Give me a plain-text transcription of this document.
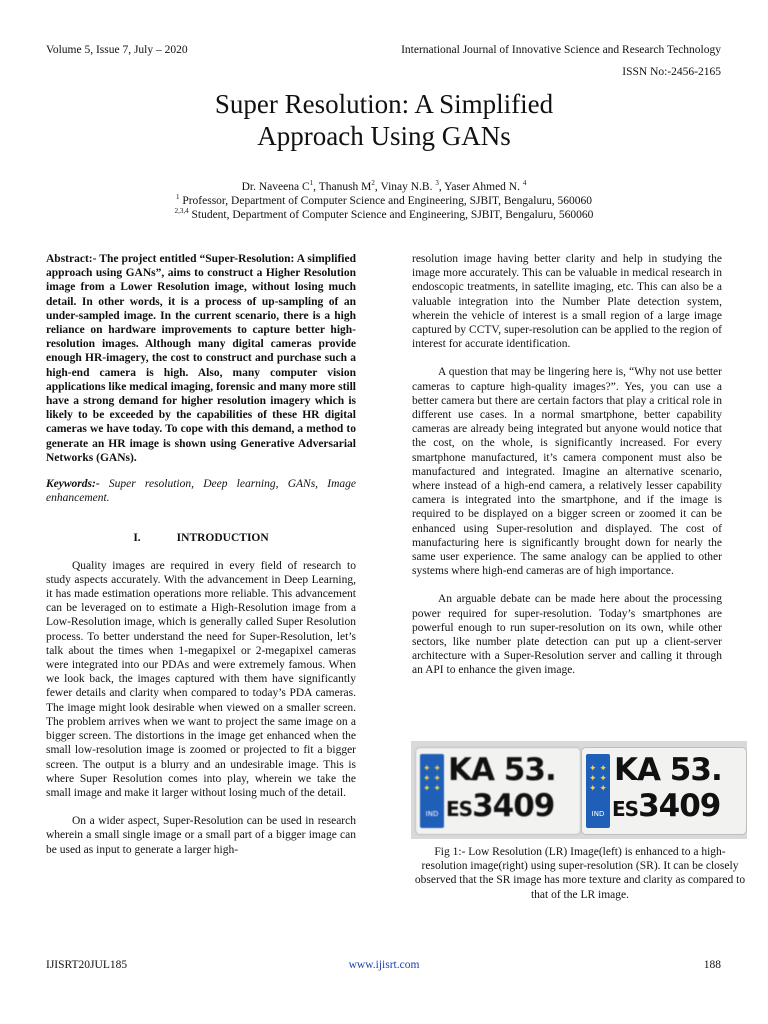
Volume 5, Issue 7, July – 2020	International Journal of Innovative Science and Research Technology
ISSN No:-2456-2165
Super Resolution: A Simplified
Approach Using GANs
Dr. Naveena $C^1$, Thanush $M^2$, Vinay N.B. $^3$, Yaser Ahmed N. $^4$
$^1$ Professor, Department of Computer Science and Engineering, SJBIT, Bengaluru, 560060
$^{2,3,4}$ Student, Department of Computer Science and Engineering, SJBIT, Bengaluru, 560060

Abstract:- The project entitled “Super-Resolution: A simplified approach using GANs”, aims to construct a Higher Resolution image from a Lower Resolution image, without losing much detail. In other words, it is a process of up-sampling of an under-sampled image. In the current scenario, there is a high reliance on hardware improvements to capture better high-resolution images. Although many digital cameras provide enough HR-imagery, the cost to construct and purchase such a high-end camera is high. Also, many computer vision applications like medical imaging, forensic and many more still have a strong demand for higher resolution imagery which is likely to be exceeded by the capabilities of these HR digital cameras we have today. To cope with this demand, a method to generate an HR image is shown using Generative Adversarial Networks (GANs).

Keywords:- Super resolution, Deep learning, GANs, Image enhancement.

I.	INTRODUCTION

Quality images are required in every field of research to study aspects accurately. With the advancement in Deep Learning, it has made estimation operations more reliable. This advancement can be leveraged on to estimate a High-Resolution image from a Low-Resolution image, which is generally called Super Resolution process. To better understand the need for Super-Resolution, let’s talk about the times when 1-megapixel or 2-megapixel cameras were integrated into our PDAs and were extremely famous. When we look back, the images captured with them have significantly fewer details and clarity when compared to today’s PDA cameras. The image might look desirable when viewed on a smaller screen. The problem arrives when we want to project the same image on a bigger screen. The distortions in the image get enhanced when the small low-resolution image is zoomed or projected to fit a bigger screen. The output is a blurry and an undesirable image. This is where Super Resolution comes into play, wherein we take the small image and make it larger without losing much of the detail.

On a wider aspect, Super-Resolution can be used in research wherein a small single image or a small part of a bigger image can be used as input to generate a larger high-

resolution image having better clarity and help in studying the image more accurately. This can be valuable in medical research in endoscopic treatments, in satellite imaging, etc. This can also be a valuable integration into the Number Plate detection system, wherein the vehicle of interest is a small region of a large image captured by CCTV, super-resolution can be applied to the region of interest for accurate identification.

A question that may be lingering here is, “Why not use better cameras to capture high-quality images?”. Yes, you can use a better camera but there are certain factors that play a critical role in different use cases. In a normal smartphone, better capability cameras are already being integrated but anyone would notice that the cost, on the whole, is significantly increased. For every smartphone manufactured, it’s camera component must also be manufactured and integrated. Imagine an alternative scenario, where instead of a high-end camera, a relatively lesser capability camera is integrated into the smartphone, and if the image is required to be displayed on a bigger screen or zoomed it can be enhanced using Super-resolution and displayed. The cost of manufacturing here is significantly brought down for nearly the same user experience. The same analogy can be applied to other systems where high-end cameras are of high importance.

An arguable debate can be made here about the processing power required for super-resolution. Today’s smartphones are powerful enough to run super-resolution on its own, while other sectors, like number plate detection can put up a client-server architecture with a Super-Resolution server and calling it through an API to enhance the given image.

✦ ✦
✦ ✦
✦ ✦
IND
KA 53.
ES3409
✦ ✦
✦ ✦
✦ ✦
IND
KA 53.
ES3409
Fig 1:- Low Resolution (LR) Image(left) is enhanced to a high-resolution image(right) using super-resolution (SR). It can be closely observed that the SR image has more texture and clarity as compared to that of the LR image.
IJISRT20JUL185	www.ijisrt.com	188
